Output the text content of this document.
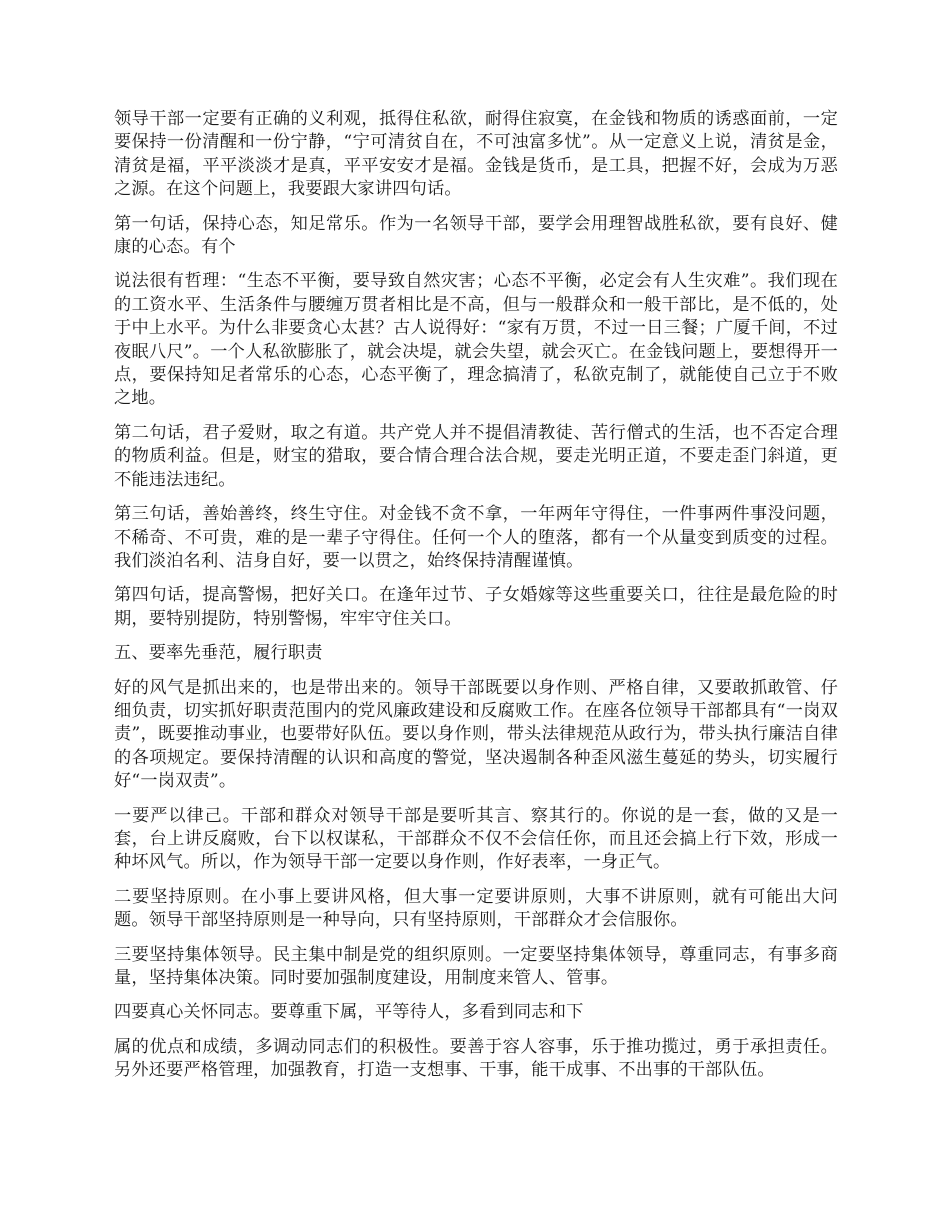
领导干部一定要有正确的义利观，抵得住私欲，耐得住寂寞，在金钱和物质的诱惑面前，一定要保持一份清醒和一份宁静，“宁可清贫自在，不可浊富多忧”。从一定意义上说，清贫是金，清贫是福，平平淡淡才是真，平平安安才是福。金钱是货币，是工具，把握不好，会成为万恶之源。在这个问题上，我要跟大家讲四句话。

第一句话，保持心态，知足常乐。作为一名领导干部，要学会用理智战胜私欲，要有良好、健康的心态。有个

说法很有哲理：“生态不平衡，要导致自然灾害；心态不平衡，必定会有人生灾难”。我们现在的工资水平、生活条件与腰缠万贯者相比是不高，但与一般群众和一般干部比，是不低的，处于中上水平。为什么非要贪心太甚？古人说得好：“家有万贯，不过一日三餐；广厦千间，不过夜眠八尺”。一个人私欲膨胀了，就会决堤，就会失望，就会灭亡。在金钱问题上，要想得开一点，要保持知足者常乐的心态，心态平衡了，理念搞清了，私欲克制了，就能使自己立于不败之地。

第二句话，君子爱财，取之有道。共产党人并不提倡清教徒、苦行僧式的生活，也不否定合理的物质利益。但是，财宝的猎取，要合情合理合法合规，要走光明正道，不要走歪门斜道，更不能违法违纪。

第三句话，善始善终，终生守住。对金钱不贪不拿，一年两年守得住，一件事两件事没问题，不稀奇、不可贵，难的是一辈子守得住。任何一个人的堕落，都有一个从量变到质变的过程。我们淡泊名利、洁身自好，要一以贯之，始终保持清醒谨慎。

第四句话，提高警惕，把好关口。在逢年过节、子女婚嫁等这些重要关口，往往是最危险的时期，要特别提防，特别警惕，牢牢守住关口。

五、要率先垂范，履行职责

好的风气是抓出来的，也是带出来的。领导干部既要以身作则、严格自律，又要敢抓敢管、仔细负责，切实抓好职责范围内的党风廉政建设和反腐败工作。在座各位领导干部都具有“一岗双责”，既要推动事业，也要带好队伍。要以身作则，带头法律规范从政行为，带头执行廉洁自律的各项规定。要保持清醒的认识和高度的警觉，坚决遏制各种歪风滋生蔓延的势头，切实履行好“一岗双责”。

一要严以律己。干部和群众对领导干部是要听其言、察其行的。你说的是一套，做的又是一套，台上讲反腐败，台下以权谋私，干部群众不仅不会信任你，而且还会搞上行下效，形成一种坏风气。所以，作为领导干部一定要以身作则，作好表率，一身正气。

二要坚持原则。在小事上要讲风格，但大事一定要讲原则，大事不讲原则，就有可能出大问题。领导干部坚持原则是一种导向，只有坚持原则，干部群众才会信服你。

三要坚持集体领导。民主集中制是党的组织原则。一定要坚持集体领导，尊重同志，有事多商量，坚持集体决策。同时要加强制度建设，用制度来管人、管事。

四要真心关怀同志。要尊重下属，平等待人，多看到同志和下

属的优点和成绩，多调动同志们的积极性。要善于容人容事，乐于推功揽过，勇于承担责任。另外还要严格管理，加强教育，打造一支想事、干事，能干成事、不出事的干部队伍。
